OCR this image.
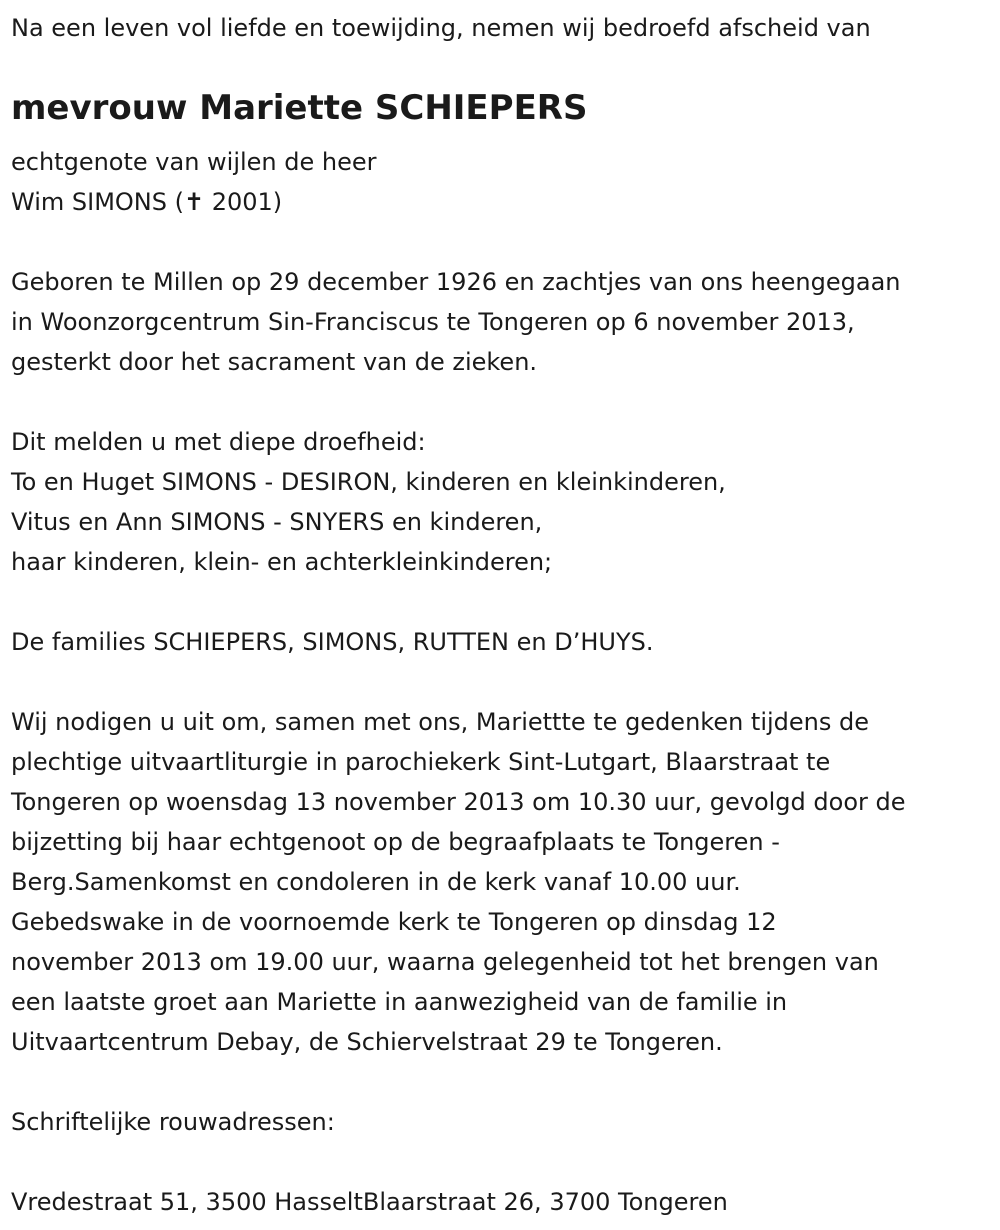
Na een leven vol liefde en toewijding, nemen wij bedroefd afscheid van
mevrouw Mariette SCHIEPERS
echtgenote van wijlen de heer
Wim SIMONS (✝ 2001)
Geboren te Millen op 29 december 1926 en zachtjes van ons heengegaan
in Woonzorgcentrum Sin-Franciscus te Tongeren op 6 november 2013,
gesterkt door het sacrament van de zieken.
Dit melden u met diepe droefheid:
To en Huget SIMONS - DESIRON, kinderen en kleinkinderen,
Vitus en Ann SIMONS - SNYERS en kinderen,
haar kinderen, klein- en achterkleinkinderen;
De families SCHIEPERS, SIMONS, RUTTEN en D’HUYS.
Wij nodigen u uit om, samen met ons, Mariettte te gedenken tijdens de
plechtige uitvaartliturgie in parochiekerk Sint-Lutgart, Blaarstraat te
Tongeren op woensdag 13 november 2013 om 10.30 uur, gevolgd door de
bijzetting bij haar echtgenoot op de begraafplaats te Tongeren -
Berg.Samenkomst en condoleren in de kerk vanaf 10.00 uur.
Gebedswake in de voornoemde kerk te Tongeren op dinsdag 12
november 2013 om 19.00 uur, waarna gelegenheid tot het brengen van
een laatste groet aan Mariette in aanwezigheid van de familie in
Uitvaartcentrum Debay, de Schiervelstraat 29 te Tongeren.
Schriftelijke rouwadressen:
Vredestraat 51, 3500 HasseltBlaarstraat 26, 3700 Tongeren
